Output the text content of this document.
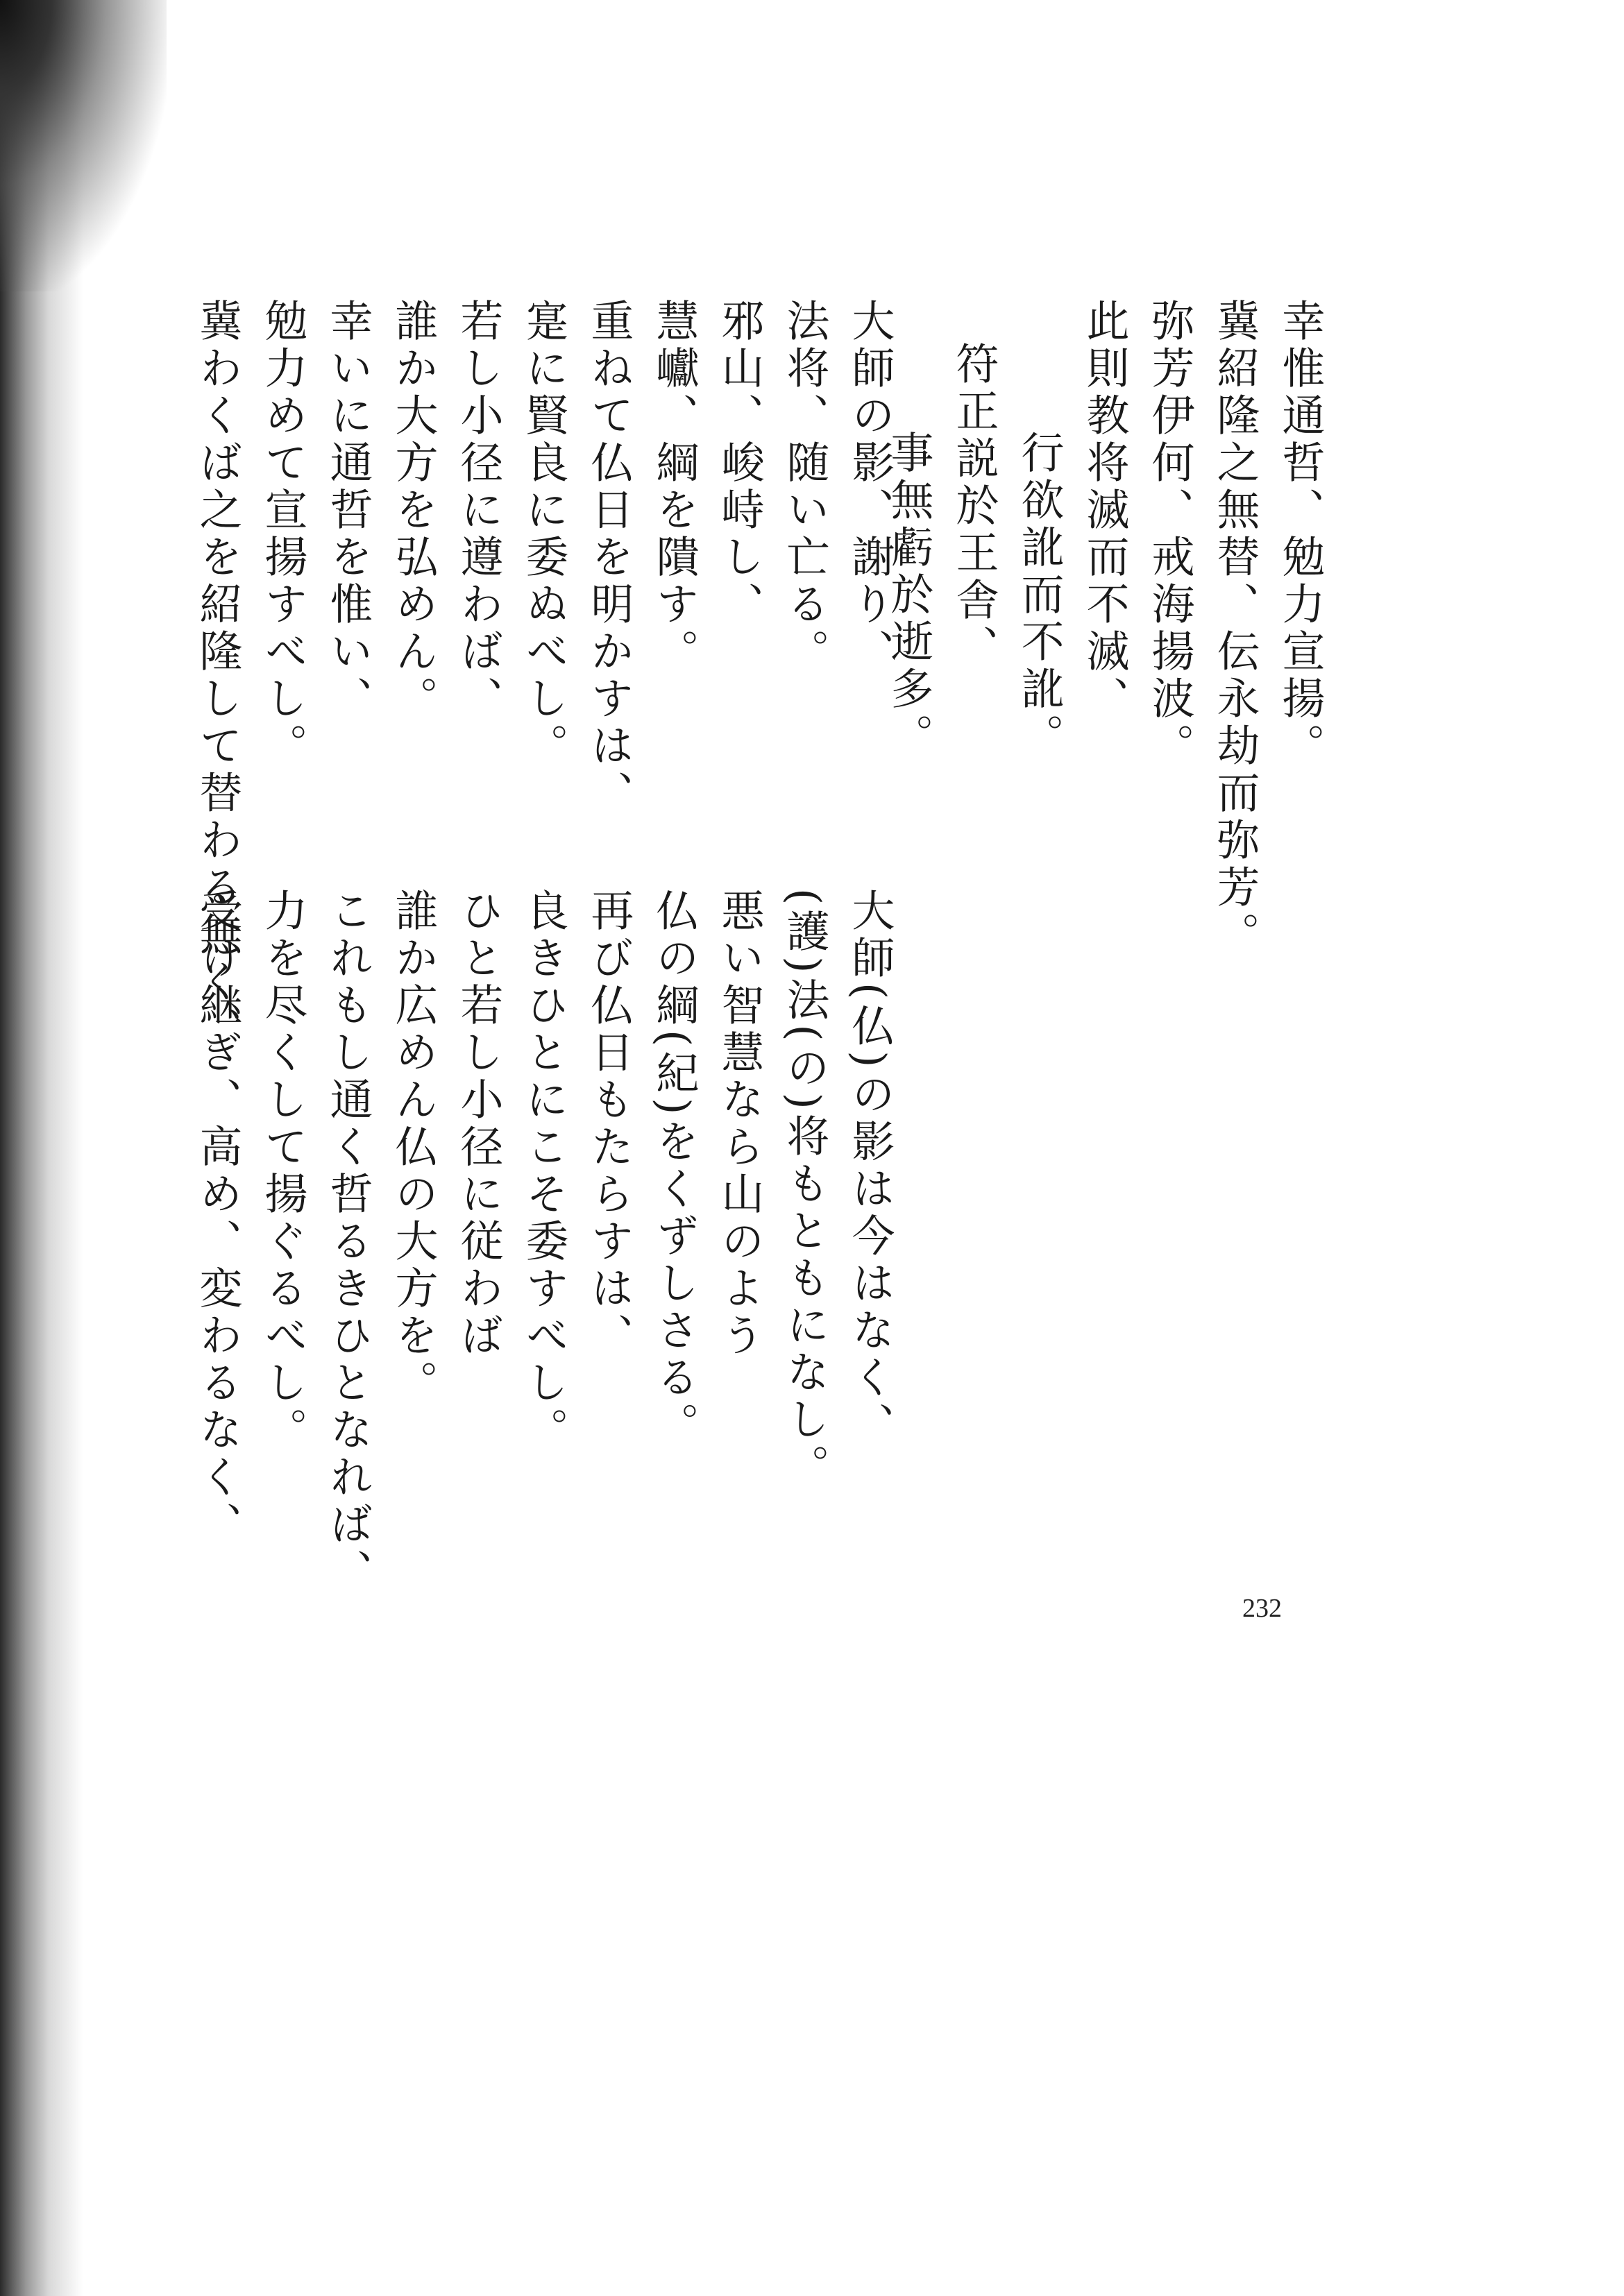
幸惟通哲、勉力宣揚。
冀紹隆之無替、伝永劫而弥芳。
弥芳伊何、戒海揚波。
此則教将滅而不滅、
行欲訛而不訛。
符正説於王舎、
事無虧於逝多。
大師の影、謝り、
法将、随い亡る。
邪山、峻峙し、
慧巘、綱を隤す。
重ねて仏日を明かすは、
寔に賢良に委ぬべし。
若し小径に遵わば、
誰か大方を弘めん。
幸いに通哲を惟い、
勉力めて宣揚すべし。
冀わくば之を紹隆して替わる無く、
大師(仏)の影は今はなく、
(護)法(の)将もともになし。
悪い智慧なら山のよう
仏の綱(紀)をくずしさる。
再び仏日もたらすは、
良きひとにこそ委すべし。
ひと若し小径に従わば
誰か広めん仏の大方を。
これもし通く哲るきひとなれば、
力を尽くして揚ぐるべし。
受け継ぎ、高め、変わるなく、
232
